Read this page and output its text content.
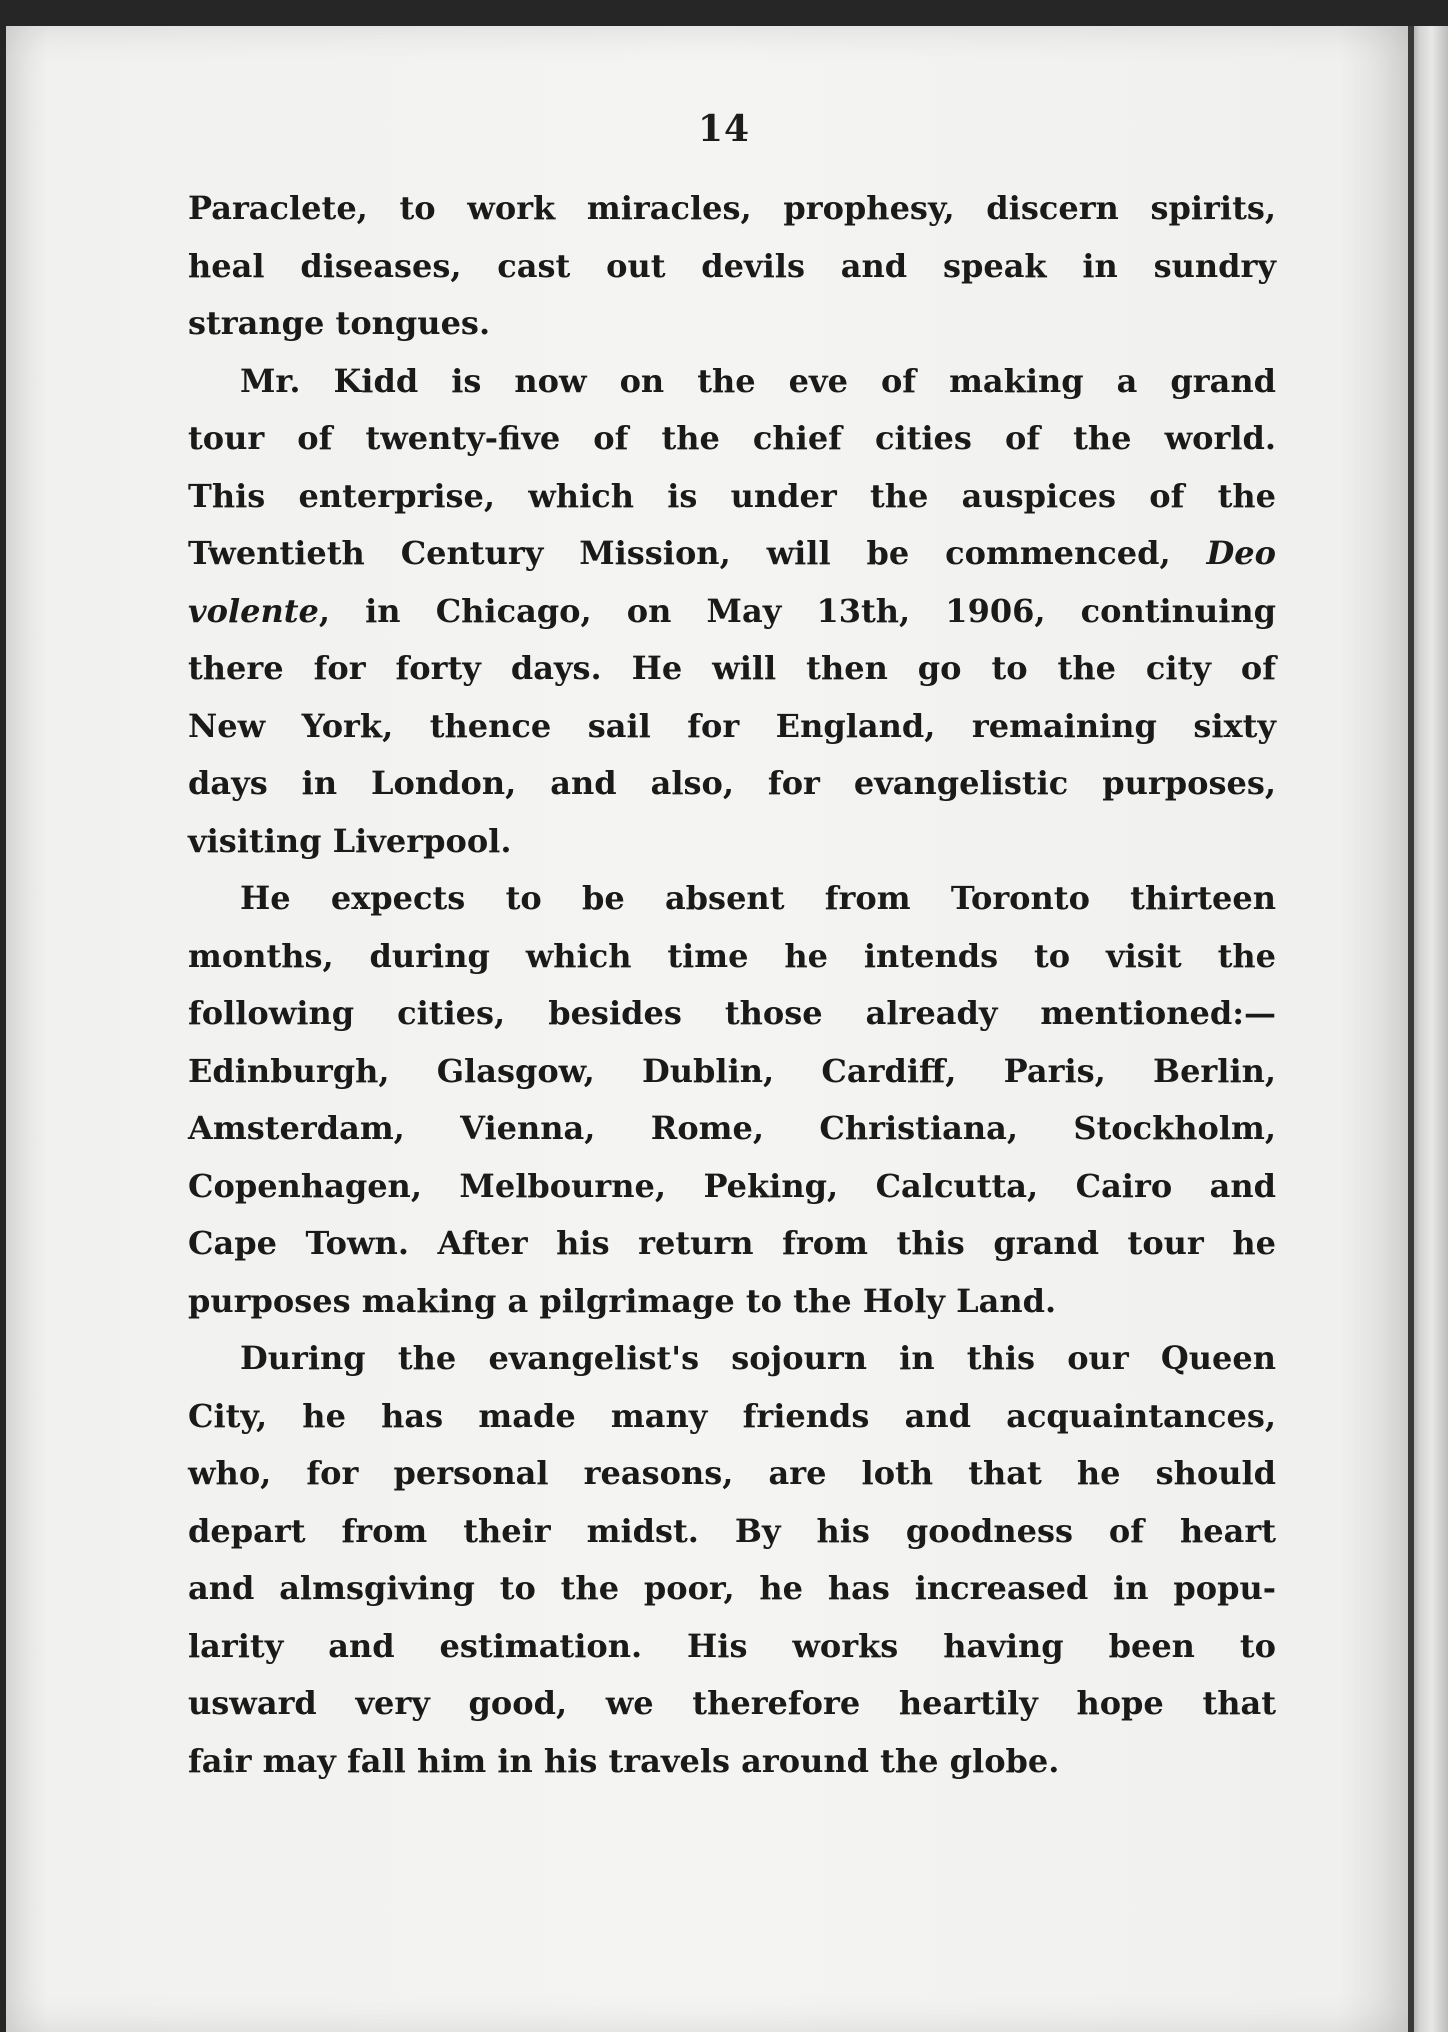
14
Paraclete, to work miracles, prophesy, discern spirits,
heal diseases, cast out devils and speak in sundry
strange tongues.
Mr. Kidd is now on the eve of making a grand
tour of twenty-five of the chief cities of the world.
This enterprise, which is under the auspices of the
Twentieth Century Mission, will be commenced, Deo
volente, in Chicago, on May 13th, 1906, continuing
there for forty days. He will then go to the city of
New York, thence sail for England, remaining sixty
days in London, and also, for evangelistic purposes,
visiting Liverpool.
He expects to be absent from Toronto thirteen
months, during which time he intends to visit the
following cities, besides those already mentioned:—
Edinburgh, Glasgow, Dublin, Cardiff, Paris, Berlin,
Amsterdam, Vienna, Rome, Christiana, Stockholm,
Copenhagen, Melbourne, Peking, Calcutta, Cairo and
Cape Town. After his return from this grand tour he
purposes making a pilgrimage to the Holy Land.
During the evangelist's sojourn in this our Queen
City, he has made many friends and acquaintances,
who, for personal reasons, are loth that he should
depart from their midst. By his goodness of heart
and almsgiving to the poor, he has increased in popu-
larity and estimation. His works having been to
usward very good, we therefore heartily hope that
fair may fall him in his travels around the globe.
